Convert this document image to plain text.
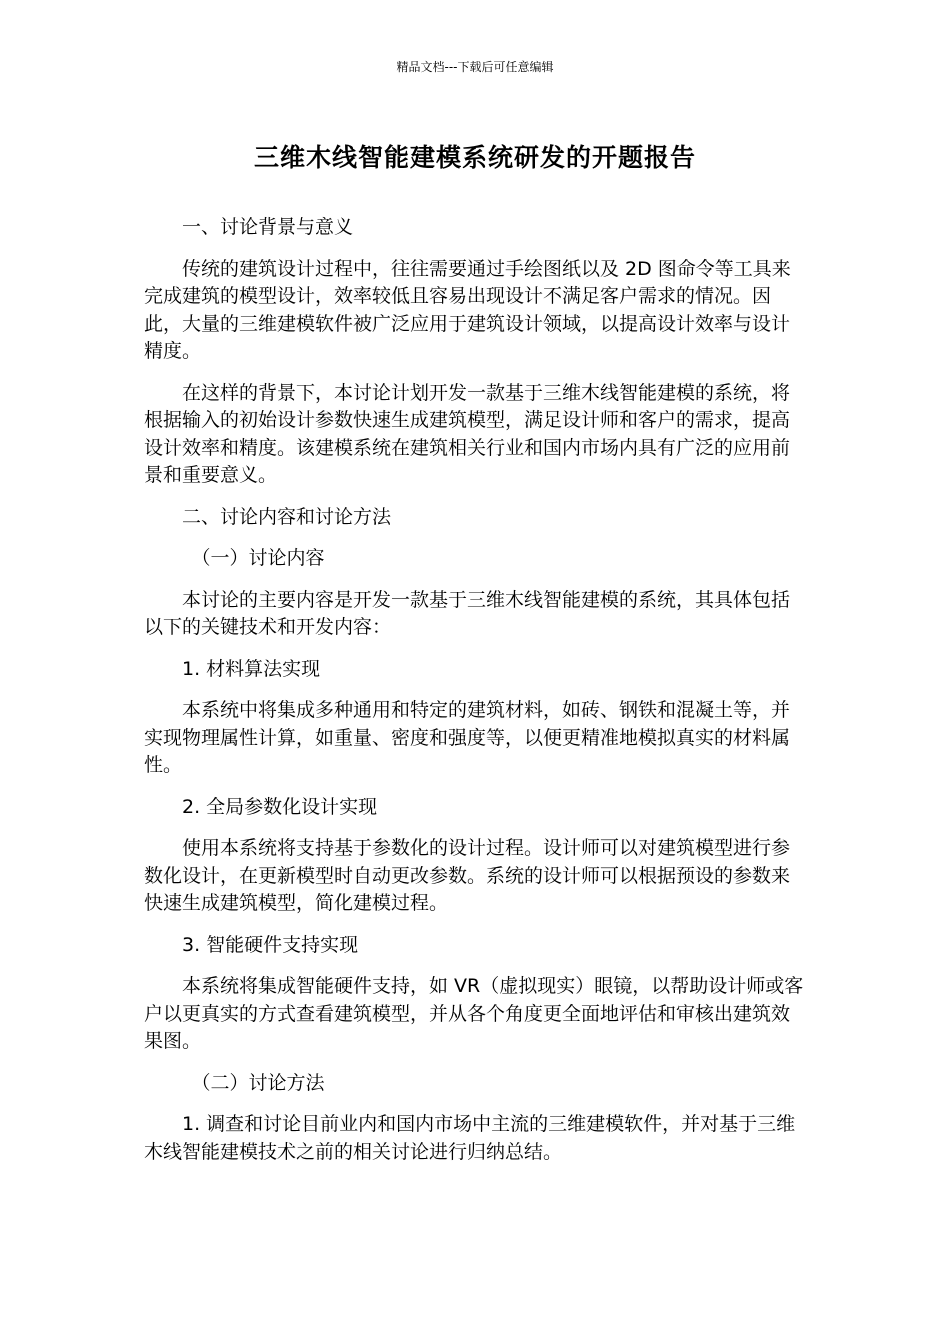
精品文档---下载后可任意编辑
三维木线智能建模系统研发的开题报告

一、讨论背景与意义

传统的建筑设计过程中，往往需要通过手绘图纸以及 2D 图命令等工具来完成建筑的模型设计，效率较低且容易出现设计不满足客户需求的情况。因此，大量的三维建模软件被广泛应用于建筑设计领域，以提高设计效率与设计精度。

在这样的背景下，本讨论计划开发一款基于三维木线智能建模的系统，将根据输入的初始设计参数快速生成建筑模型，满足设计师和客户的需求，提高设计效率和精度。该建模系统在建筑相关行业和国内市场内具有广泛的应用前景和重要意义。

二、讨论内容和讨论方法

（一）讨论内容

本讨论的主要内容是开发一款基于三维木线智能建模的系统，其具体包括以下的关键技术和开发内容：

1. 材料算法实现

本系统中将集成多种通用和特定的建筑材料，如砖、钢铁和混凝土等，并实现物理属性计算，如重量、密度和强度等，以便更精准地模拟真实的材料属性。

2. 全局参数化设计实现

使用本系统将支持基于参数化的设计过程。设计师可以对建筑模型进行参数化设计，在更新模型时自动更改参数。系统的设计师可以根据预设的参数来快速生成建筑模型，简化建模过程。

3. 智能硬件支持实现

本系统将集成智能硬件支持，如 VR（虚拟现实）眼镜，以帮助设计师或客户以更真实的方式查看建筑模型，并从各个角度更全面地评估和审核出建筑效果图。

（二）讨论方法

1. 调查和讨论目前业内和国内市场中主流的三维建模软件，并对基于三维木线智能建模技术之前的相关讨论进行归纳总结。
